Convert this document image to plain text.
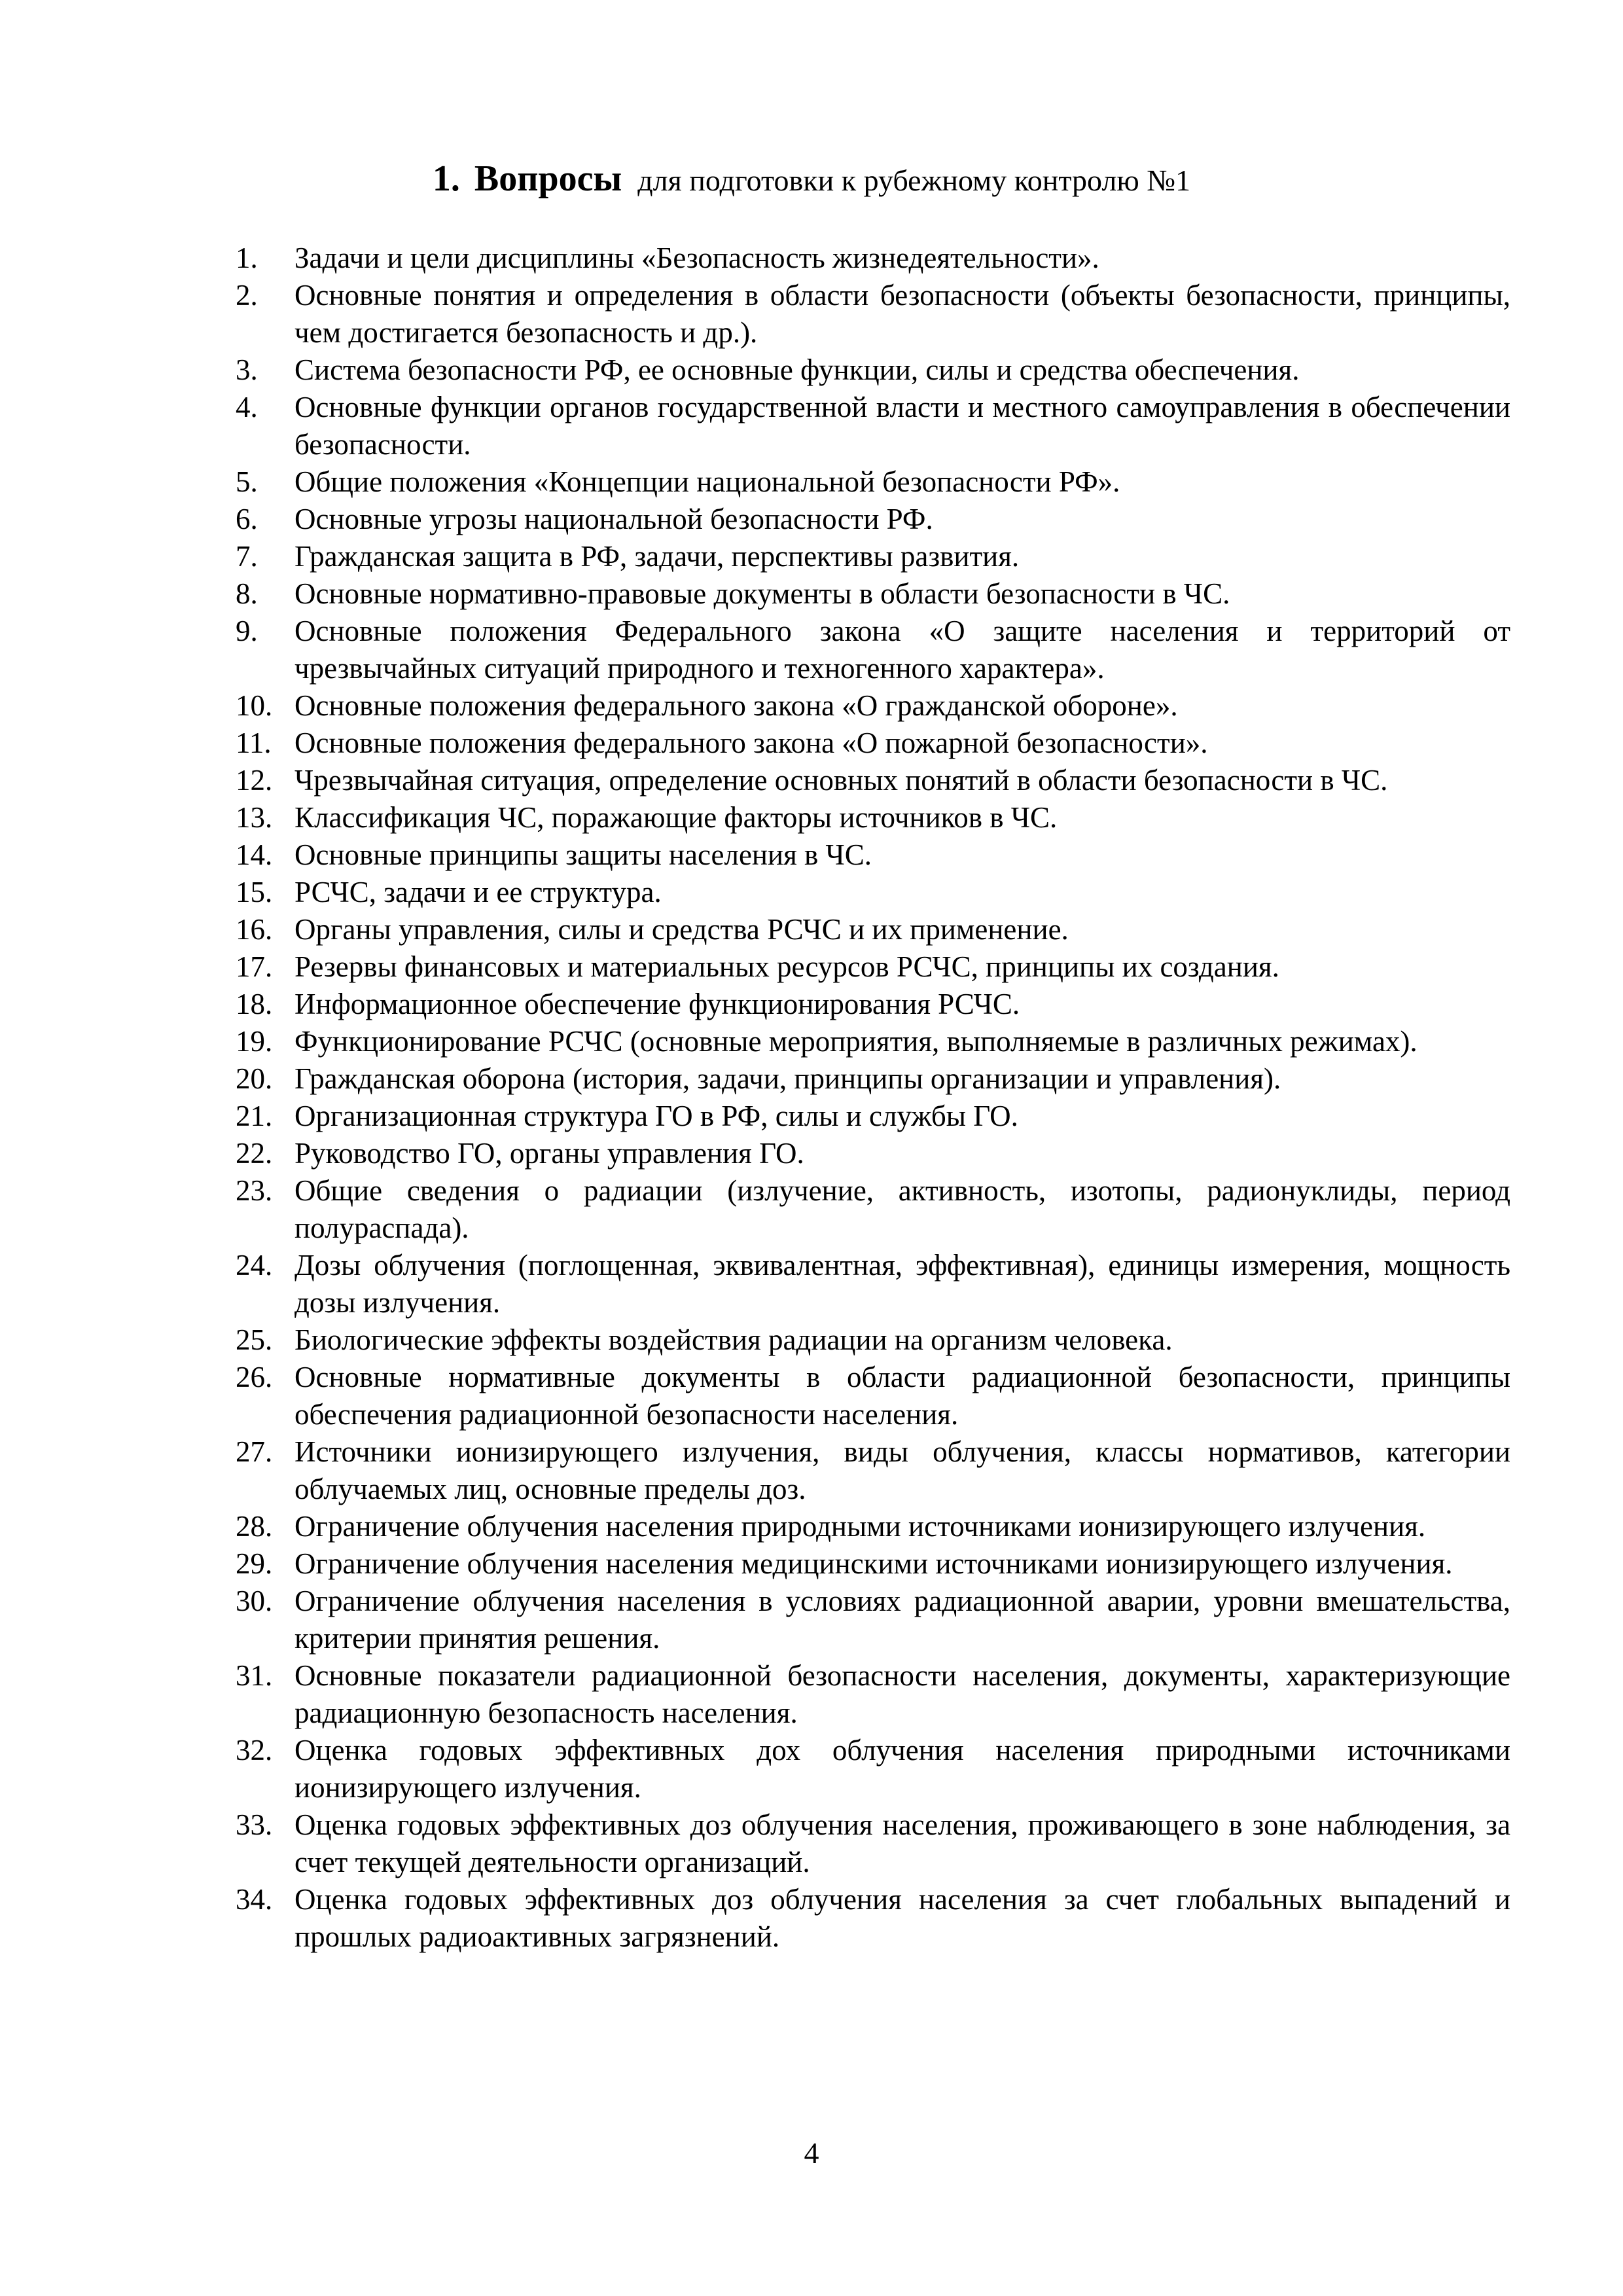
1. Вопросы для подготовки к рубежному контролю №1
1.	Задачи и цели дисциплины «Безопасность жизнедеятельности».
2.	Основные понятия и определения в области безопасности (объекты безопасности, принципы, чем достигается безопасность и др.).
3.	Система безопасности РФ, ее основные функции, силы и средства обеспечения.
4.	Основные функции органов государственной власти и местного самоуправления в обеспечении безопасности.
5.	Общие положения «Концепции национальной безопасности РФ».
6.	Основные угрозы национальной безопасности РФ.
7.	Гражданская защита в РФ, задачи, перспективы развития.
8.	Основные нормативно-правовые документы в области безопасности в ЧС.
9.	Основные положения Федерального закона «О защите населения и территорий от чрезвычайных ситуаций природного и техногенного характера».
10. Основные положения федерального закона «О гражданской обороне».
11. Основные положения федерального закона «О пожарной безопасности».
12. Чрезвычайная ситуация, определение основных понятий в области безопасности в ЧС.
13. Классификация ЧС, поражающие факторы источников в ЧС.
14. Основные принципы защиты населения в ЧС.
15. РСЧС, задачи и ее структура.
16. Органы управления, силы и средства РСЧС и их применение.
17. Резервы финансовых и материальных ресурсов РСЧС, принципы их создания.
18. Информационное обеспечение функционирования РСЧС.
19. Функционирование РСЧС (основные мероприятия, выполняемые в различных режимах).
20. Гражданская оборона (история, задачи, принципы организации и управления).
21. Организационная структура ГО в РФ, силы и службы ГО.
22. Руководство ГО, органы управления ГО.
23. Общие сведения о радиации (излучение, активность, изотопы, радионуклиды, период полураспада).
24. Дозы облучения (поглощенная, эквивалентная, эффективная), единицы измерения, мощность дозы излучения.
25. Биологические эффекты воздействия радиации на организм человека.
26. Основные нормативные документы в области радиационной безопасности, принципы обеспечения радиационной безопасности населения.
27. Источники ионизирующего излучения, виды облучения, классы нормативов, категории облучаемых лиц, основные пределы доз.
28. Ограничение облучения населения природными источниками ионизирующего излучения.
29. Ограничение облучения населения медицинскими источниками ионизирующего излучения.
30. Ограничение облучения населения в условиях радиационной аварии, уровни вмешательства, критерии принятия решения.
31. Основные показатели радиационной безопасности населения, документы, характеризующие радиационную безопасность населения.
32. Оценка годовых эффективных дох облучения населения природными источниками ионизирующего излучения.
33. Оценка годовых эффективных доз облучения населения, проживающего в зоне наблюдения, за счет текущей деятельности организаций.
34. Оценка годовых эффективных доз облучения населения за счет глобальных выпадений и прошлых радиоактивных загрязнений.
4
